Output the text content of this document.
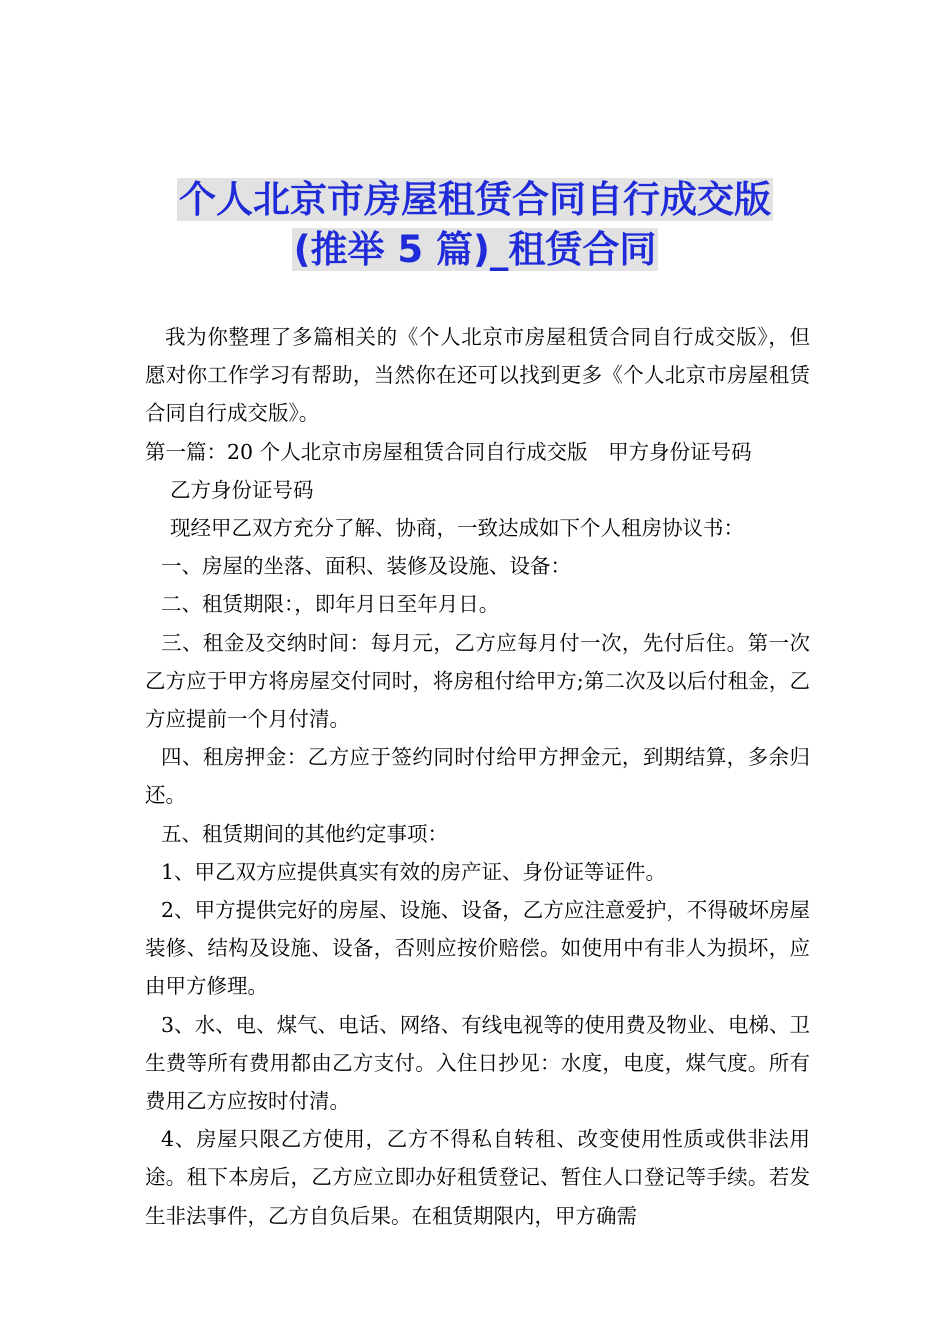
个人北京市房屋租赁合同自行成交版
(推举 5 篇)_租赁合同

我为你整理了多篇相关的《个人北京市房屋租赁合同自行成交版》，但愿对你工作学习有帮助，当然你在还可以找到更多《个人北京市房屋租赁合同自行成交版》。

第一篇：20 个人北京市房屋租赁合同自行成交版　甲方身份证号码

乙方身份证号码

现经甲乙双方充分了解、协商，一致达成如下个人租房协议书：

一、房屋的坐落、面积、装修及设施、设备：

二、租赁期限：，即年月日至年月日。

三、租金及交纳时间：每月元，乙方应每月付一次，先付后住。第一次乙方应于甲方将房屋交付同时，将房租付给甲方;第二次及以后付租金，乙方应提前一个月付清。

四、租房押金：乙方应于签约同时付给甲方押金元，到期结算，多余归还。

五、租赁期间的其他约定事项：

1、甲乙双方应提供真实有效的房产证、身份证等证件。

2、甲方提供完好的房屋、设施、设备，乙方应注意爱护，不得破坏房屋装修、结构及设施、设备，否则应按价赔偿。如使用中有非人为损坏，应由甲方修理。

3、水、电、煤气、电话、网络、有线电视等的使用费及物业、电梯、卫生费等所有费用都由乙方支付。入住日抄见：水度，电度，煤气度。所有费用乙方应按时付清。

4、房屋只限乙方使用，乙方不得私自转租、改变使用性质或供非法用途。租下本房后，乙方应立即办好租赁登记、暂住人口登记等手续。若发生非法事件，乙方自负后果。在租赁期限内，甲方确需
